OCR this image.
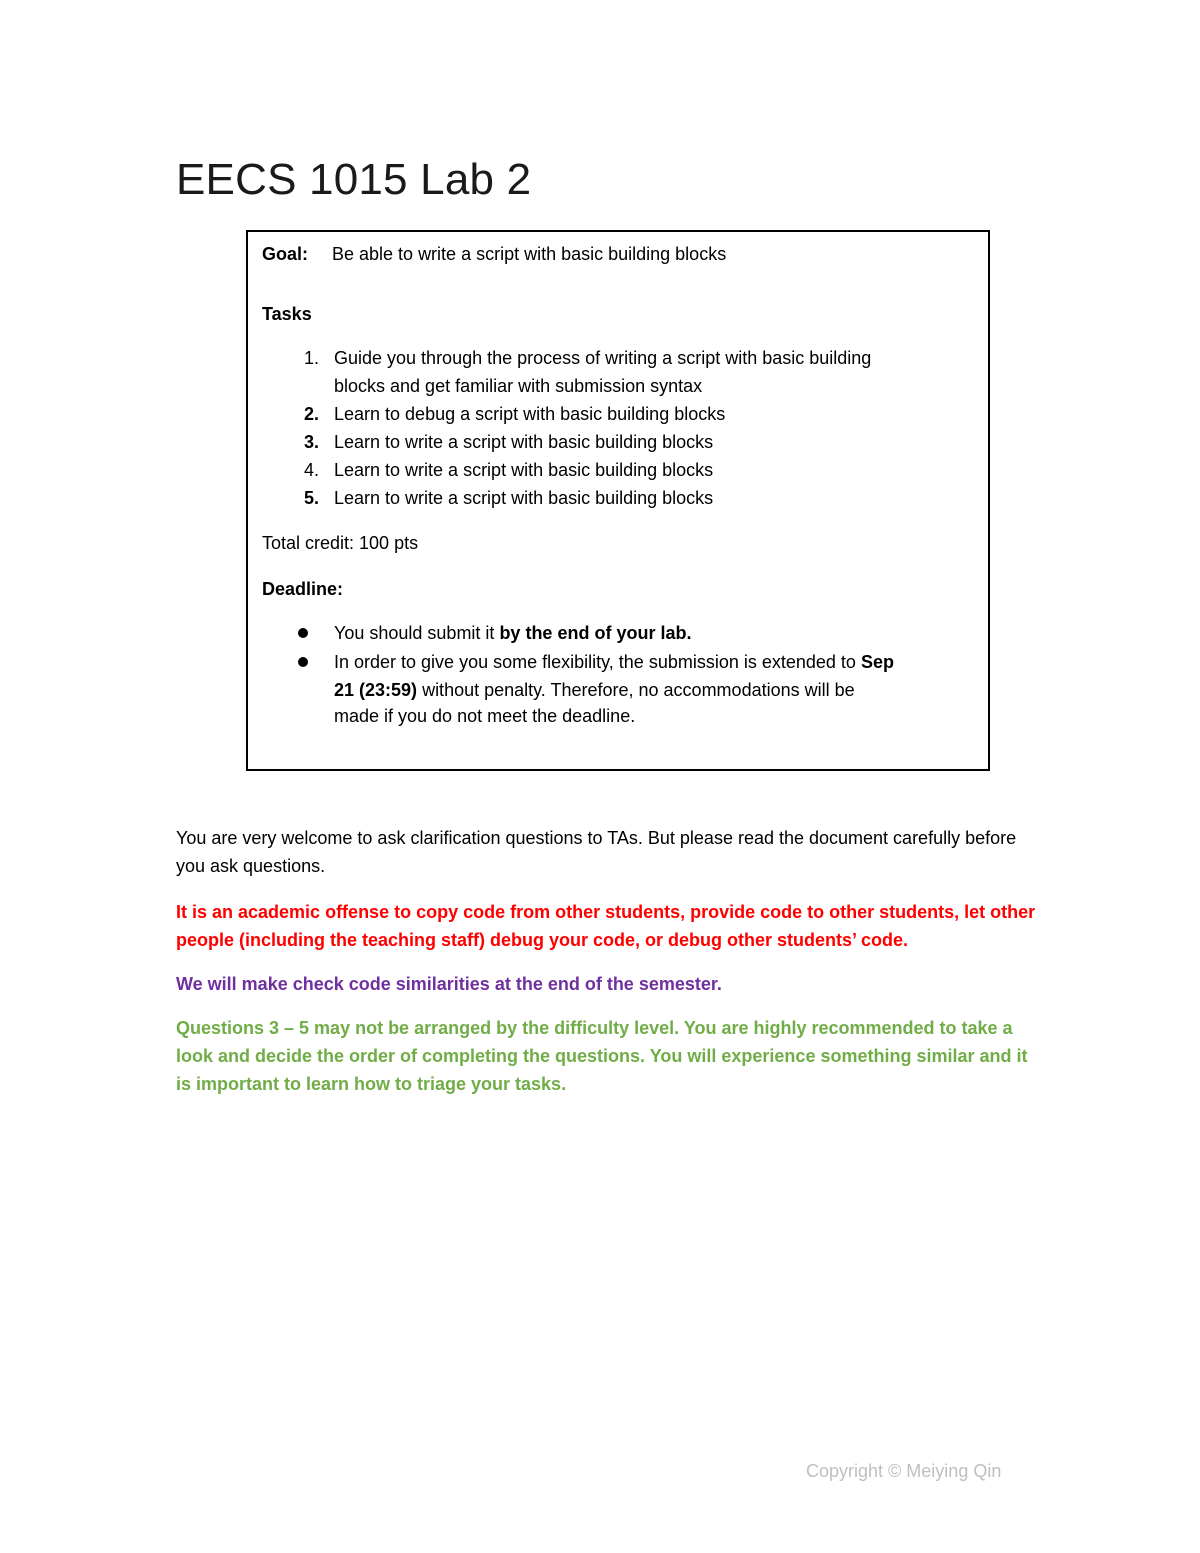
EECS 1015 Lab 2
Goal: Be able to write a script with basic building blocks
Tasks
1. Guide you through the process of writing a script with basic building
blocks and get familiar with submission syntax
2. Learn to debug a script with basic building blocks
3. Learn to write a script with basic building blocks
4. Learn to write a script with basic building blocks
5. Learn to write a script with basic building blocks
Total credit: 100 pts
Deadline:
You should submit it by the end of your lab.
In order to give you some flexibility, the submission is extended to Sep
21 (23:59) without penalty. Therefore, no accommodations will be
made if you do not meet the deadline.
You are very welcome to ask clarification questions to TAs. But please read the document carefully before you ask questions.
It is an academic offense to copy code from other students, provide code to other students, let other people (including the teaching staff) debug your code, or debug other students’ code.
We will make check code similarities at the end of the semester.
Questions 3 – 5 may not be arranged by the difficulty level. You are highly recommended to take a look and decide the order of completing the questions. You will experience something similar and it is important to learn how to triage your tasks.
Copyright © Meiying Qin
